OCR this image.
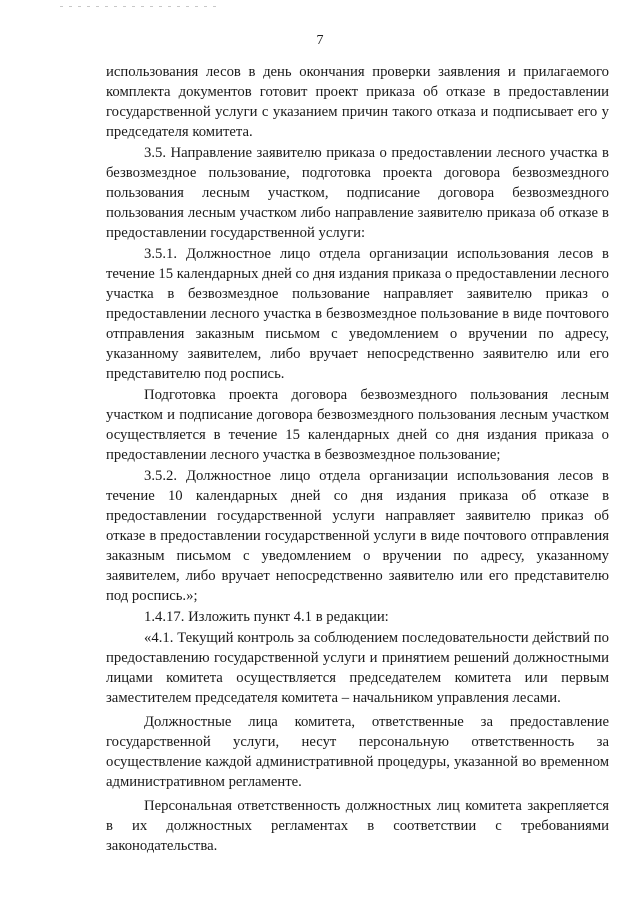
7

использования лесов в день окончания проверки заявления и прилагаемого комплекта документов готовит проект приказа об отказе в предоставлении государственной услуги с указанием причин такого отказа и подписывает его у председателя комитета.

3.5. Направление заявителю приказа о предоставлении лесного участка в безвозмездное пользование, подготовка проекта договора безвозмездного пользования лесным участком, подписание договора безвозмездного пользования лесным участком либо направление заявителю приказа об отказе в предоставлении государственной услуги:

3.5.1. Должностное лицо отдела организации использования лесов в течение 15 календарных дней со дня издания приказа о предоставлении лесного участка в безвозмездное пользование направляет заявителю приказ о предоставлении лесного участка в безвозмездное пользование в виде почтового отправления заказным письмом с уведомлением о вручении по адресу, указанному заявителем, либо вручает непосредственно заявителю или его представителю под роспись.

Подготовка проекта договора безвозмездного пользования лесным участком и подписание договора безвозмездного пользования лесным участком осуществляется в течение 15 календарных дней со дня издания приказа о предоставлении лесного участка в безвозмездное пользование;

3.5.2. Должностное лицо отдела организации использования лесов в течение 10 календарных дней со дня издания приказа об отказе в предоставлении государственной услуги направляет заявителю приказ об отказе в предоставлении государственной услуги в виде почтового отправления заказным письмом с уведомлением о вручении по адресу, указанному заявителем, либо вручает непосредственно заявителю или его представителю под роспись.»;

1.4.17. Изложить пункт 4.1 в редакции:

«4.1. Текущий контроль за соблюдением последовательности действий по предоставлению государственной услуги и принятием решений должностными лицами комитета осуществляется председателем комитета или первым заместителем председателя комитета – начальником управления лесами.

Должностные лица комитета, ответственные за предоставление государственной услуги, несут персональную ответственность за осуществление каждой административной процедуры, указанной во временном административном регламенте.

Персональная ответственность должностных лиц комитета закрепляется в их должностных регламентах в соответствии с требованиями законодательства.
